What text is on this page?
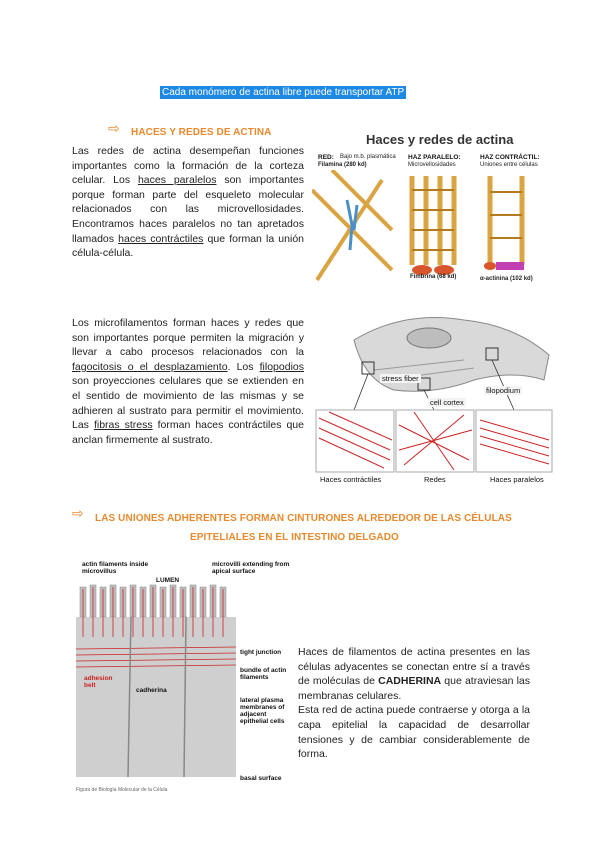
Cada monómero de actina libre puede transportar ATP
⇨ HACES Y REDES DE ACTINA
Las redes de actina desempeñan funciones importantes como la formación de la corteza celular. Los haces paralelos son importantes porque forman parte del esqueleto molecular relacionados con las microvellosidades. Encontramos haces paralelos no tan apretados llamados haces contráctiles que forman la unión célula-célula.
Haces y redes de actina
RED: Bajo m.b. plasmática
Filamina (280 kd)
HAZ PARALELO:
Microvellosidades
HAZ CONTRÁCTIL:
Uniones entre células
Fimbrina (68 kd)	α-actinina (102 kd)
Los microfilamentos forman haces y redes que son importantes porque permiten la migración y llevar a cabo procesos relacionados con la fagocitosis o el desplazamiento. Los filopodios son proyecciones celulares que se extienden en el sentido de movimiento de las mismas y se adhieren al sustrato para permitir el movimiento. Las fibras stress forman haces contráctiles que anclan firmemente al sustrato.
stress fiber
cell cortex
filopodium
Haces contráctiles	Redes	Haces paralelos
⇨ LAS UNIONES ADHERENTES FORMAN CINTURONES ALREDEDOR DE LAS CÉLULAS
EPITELIALES EN EL INTESTINO DELGADO
actin filaments inside microvillus
LUMEN
microvilli extending from apical surface
tight junction
bundle of actin filaments
adhesion belt
cadherina
lateral plasma membranes of adjacent epithelial cells
basal surface
Figura de Biología Molecular de la Célula
Haces de filamentos de actina presentes en las células adyacentes se conectan entre sí a través de moléculas de CADHERINA que atraviesan las membranas celulares.
Esta red de actina puede contraerse y otorga a la capa epitelial la capacidad de desarrollar tensiones y de cambiar considerablemente de forma.
